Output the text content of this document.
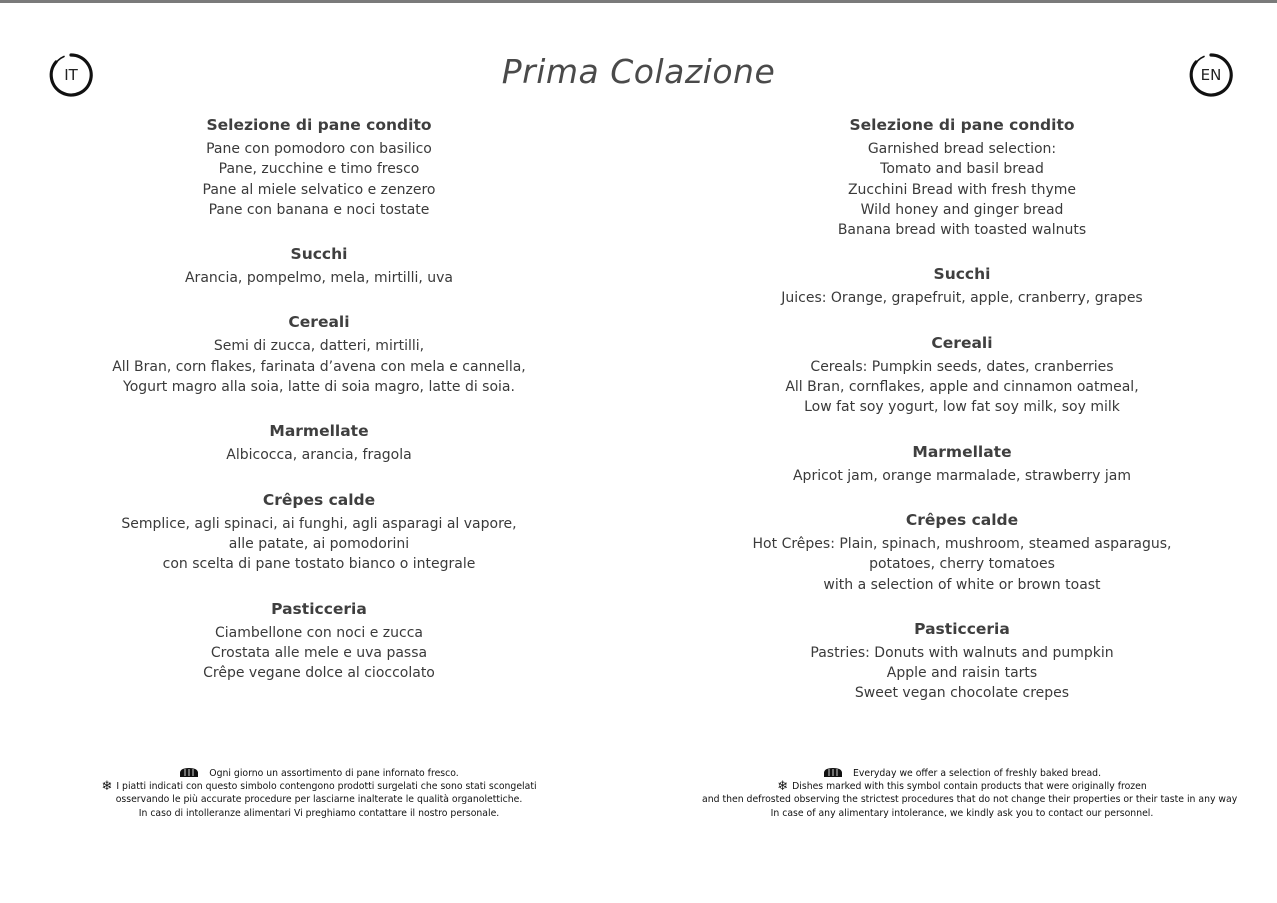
IT	EN
Prima Colazione
Selezione di pane condito
Pane con pomodoro con basilico
Pane, zucchine e timo fresco
Pane al miele selvatico e zenzero
Pane con banana e noci tostate
Succhi
Arancia, pompelmo, mela, mirtilli, uva
Cereali
Semi di zucca, datteri, mirtilli,
All Bran, corn flakes, farinata d’avena con mela e cannella,
Yogurt magro alla soia, latte di soia magro, latte di soia.
Marmellate
Albicocca, arancia, fragola
Crêpes calde
Semplice, agli spinaci, ai funghi, agli asparagi al vapore,
alle patate, ai pomodorini
con scelta di pane tostato bianco o integrale
Pasticceria
Ciambellone con noci e zucca
Crostata alle mele e uva passa
Crêpe vegane dolce al cioccolato
Selezione di pane condito
Garnished bread selection:
Tomato and basil bread
Zucchini Bread with fresh thyme
Wild honey and ginger bread
Banana bread with toasted walnuts
Succhi
Juices: Orange, grapefruit, apple, cranberry, grapes
Cereali
Cereals: Pumpkin seeds, dates, cranberries
All Bran, cornflakes, apple and cinnamon oatmeal,
Low fat soy yogurt, low fat soy milk, soy milk
Marmellate
Apricot jam, orange marmalade, strawberry jam
Crêpes calde
Hot Crêpes: Plain, spinach, mushroom, steamed asparagus,
potatoes, cherry tomatoes
with a selection of white or brown toast
Pasticceria
Pastries: Donuts with walnuts and pumpkin
Apple and raisin tarts
Sweet vegan chocolate crepes
Ogni giorno un assortimento di pane infornato fresco.
❄ I piatti indicati con questo simbolo contengono prodotti surgelati che sono stati scongelati
osservando le più accurate procedure per lasciarne inalterate le qualità organolettiche.
In caso di intolleranze alimentari Vi preghiamo contattare il nostro personale.
Everyday we offer a selection of freshly baked bread.
❄ Dishes marked with this symbol contain products that were originally frozen
and then defrosted observing the strictest procedures that do not change their properties or their taste in any way
In case of any alimentary intolerance, we kindly ask you to contact our personnel.
